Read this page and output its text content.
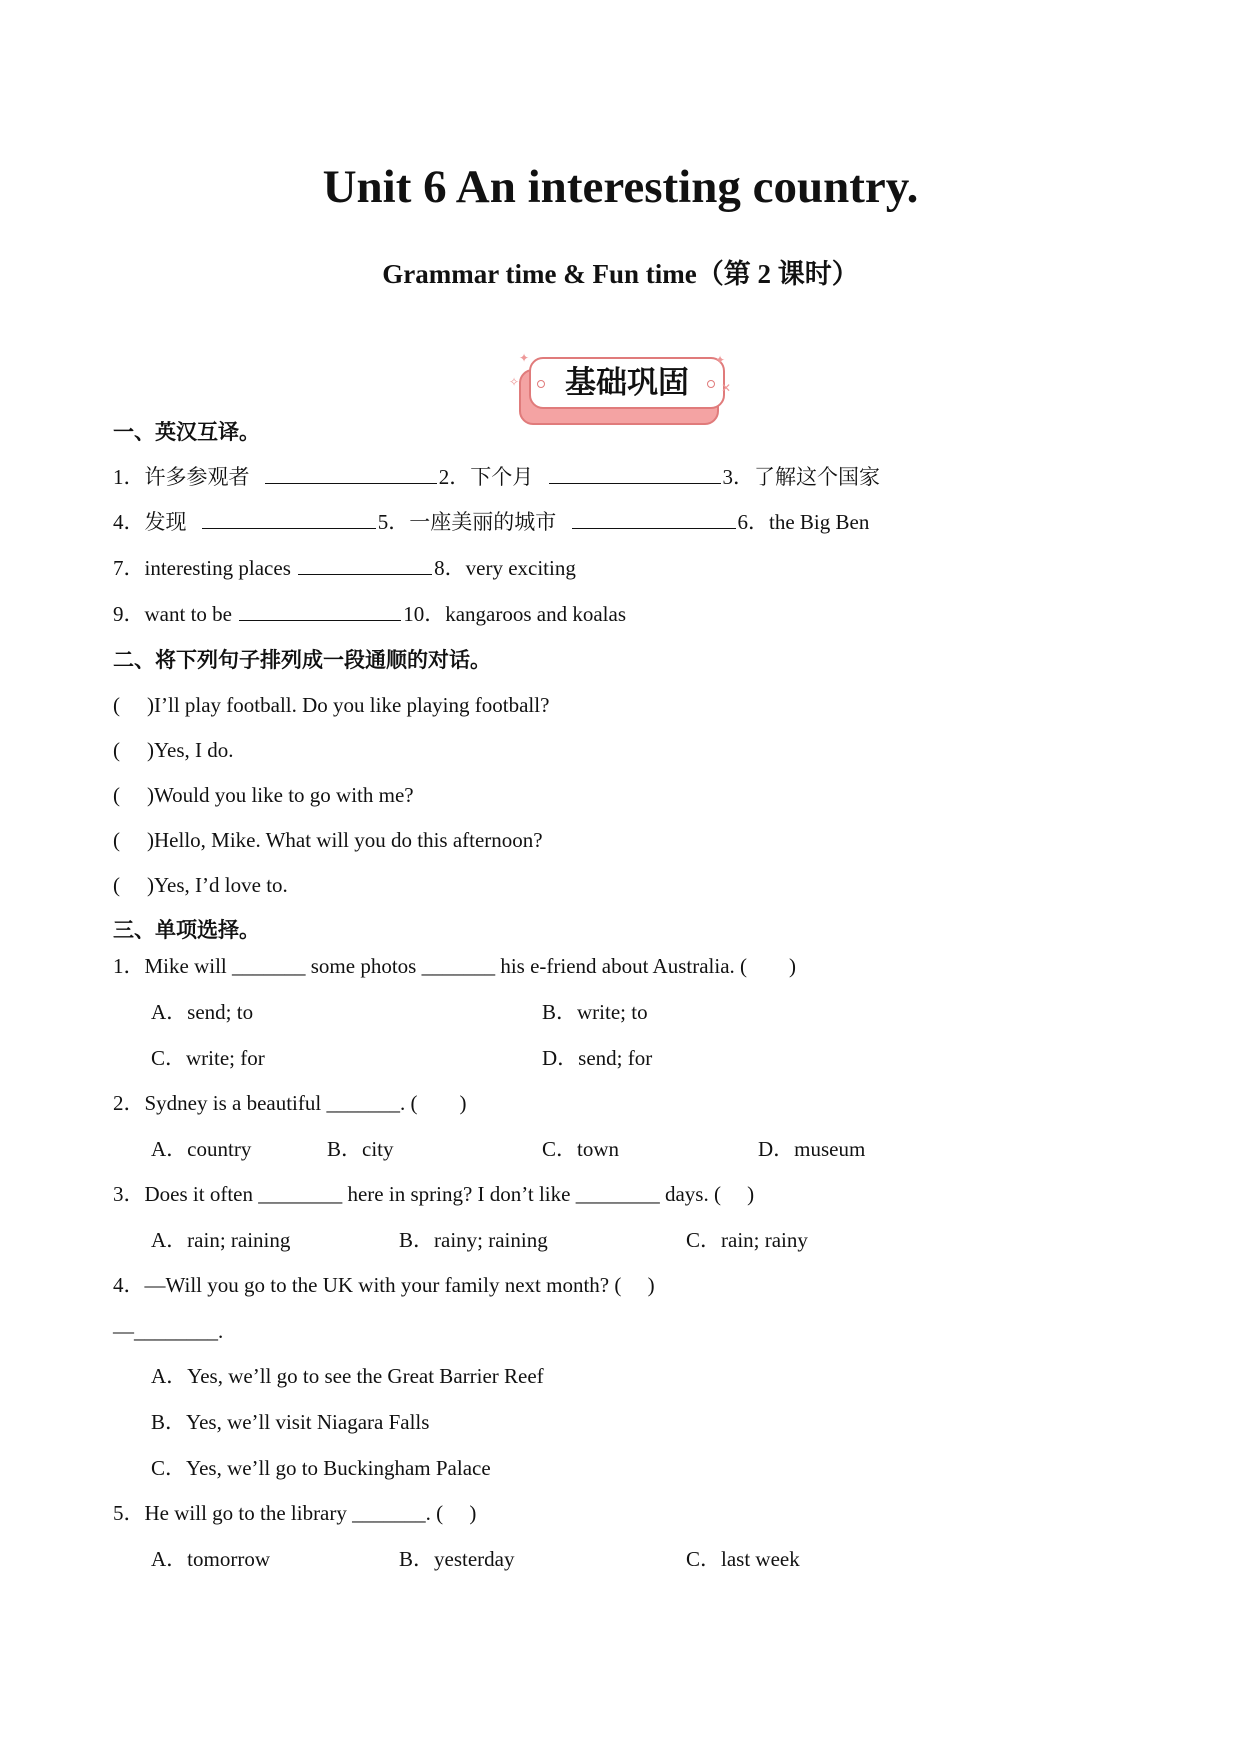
Unit 6 An interesting country.
Grammar time & Fun time（第 2 课时）
基础巩固
✦
✧
✦
✕
一、英汉互译。
1．许多参观者	2．下个月	3．了解这个国家
4．发现	5．一座美丽的城市	6．the Big Ben
7．interesting places	8．very exciting
9．want to be	10．kangaroos and koalas
二、将下列句子排列成一段通顺的对话。
( )I’ll play football. Do you like playing football?
( )Yes, I do.
( )Would you like to go with me?
( )Hello, Mike. What will you do this afternoon?
( )Yes, I’d love to.
三、单项选择。
1．Mike will _______ some photos _______ his e-friend about Australia. (　　)
A．send; to	B．write; to
C．write; for	D．send; for
2．Sydney is a beautiful _______. (　　)
A．country	B．city	C．town	D．museum
3．Does it often ________ here in spring? I don’t like ________ days. (　 )
A．rain; raining	B．rainy; raining	C．rain; rainy
4．—Will you go to the UK with your family next month? (　 )
—________.
A．Yes, we’ll go to see the Great Barrier Reef
B．Yes, we’ll visit Niagara Falls
C．Yes, we’ll go to Buckingham Palace
5．He will go to the library _______. (　 )
A．tomorrow	B．yesterday	C．last week
